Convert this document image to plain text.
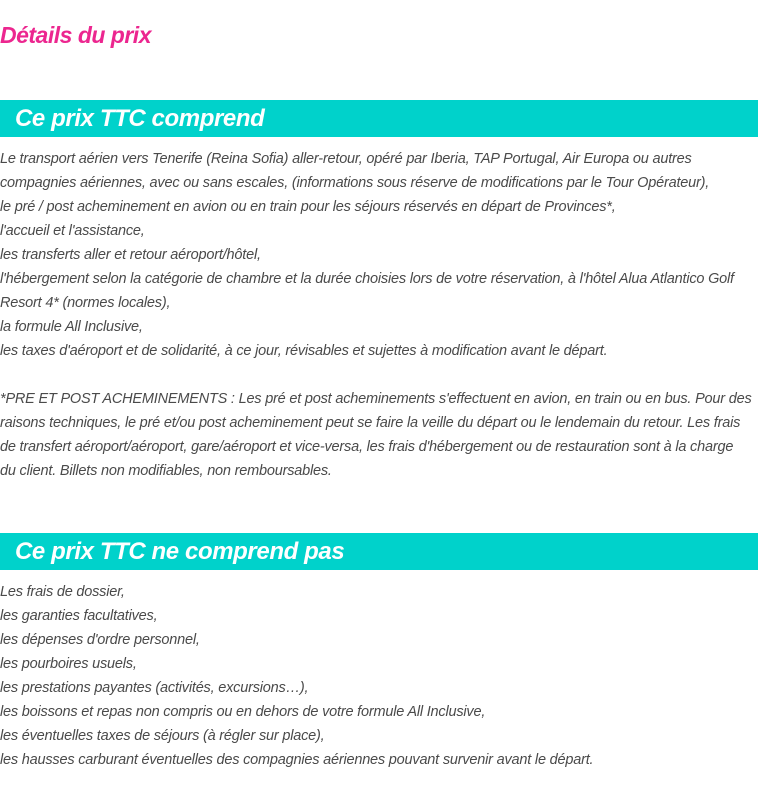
Détails du prix
Ce prix TTC comprend

Le transport aérien vers Tenerife (Reina Sofia) aller-retour, opéré par Iberia, TAP Portugal, Air Europa ou autres

compagnies aériennes, avec ou sans escales, (informations sous réserve de modifications par le Tour Opérateur),

le pré / post acheminement en avion ou en train pour les séjours réservés en départ de Provinces*,

l'accueil et l'assistance,

les transferts aller et retour aéroport/hôtel,

l'hébergement selon la catégorie de chambre et la durée choisies lors de votre réservation, à l'hôtel Alua Atlantico Golf

Resort 4* (normes locales),

la formule All Inclusive,

les taxes d'aéroport et de solidarité, à ce jour, révisables et sujettes à modification avant le départ.

*PRE ET POST ACHEMINEMENTS : Les pré et post acheminements s'effectuent en avion, en train ou en bus. Pour des

raisons techniques, le pré et/ou post acheminement peut se faire la veille du départ ou le lendemain du retour. Les frais

de transfert aéroport/aéroport, gare/aéroport et vice-versa, les frais d'hébergement ou de restauration sont à la charge

du client. Billets non modifiables, non remboursables.

Ce prix TTC ne comprend pas

Les frais de dossier,

les garanties facultatives,

les dépenses d'ordre personnel,

les pourboires usuels,

les prestations payantes (activités, excursions…),

les boissons et repas non compris ou en dehors de votre formule All Inclusive,

les éventuelles taxes de séjours (à régler sur place),

les hausses carburant éventuelles des compagnies aériennes pouvant survenir avant le départ.
